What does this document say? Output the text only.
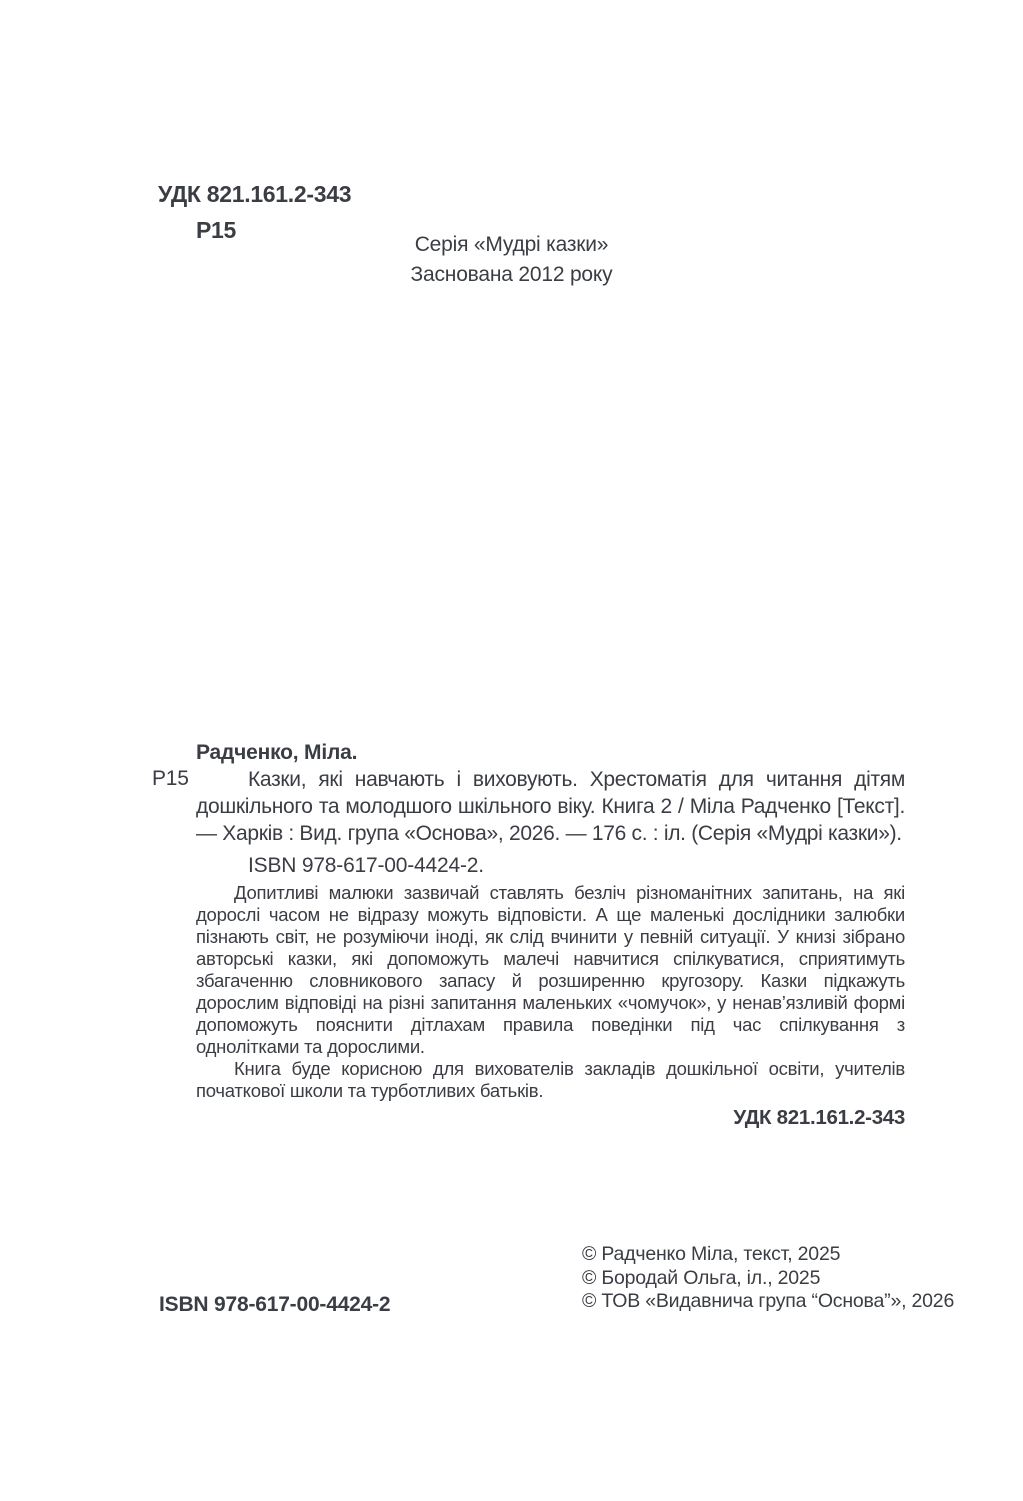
УДК 821.161.2-343
Р15
Серія «Мудрі казки»
Заснована 2012 року
Р15
Радченко, Міла.

Казки, які навчають і виховують. Хрестоматія для читання дітям дошкільного та молодшого шкільного віку. Книга 2 / Міла Радченко [Текст]. — Харків : Вид. група «Основа», 2026. — 176 с. : іл. (Серія «Мудрі казки»).

ISBN 978-617-00-4424-2.

Допитливі малюки зазвичай ставлять безліч різноманітних запитань, на які дорослі часом не відразу можуть відповісти. А ще маленькі дослідники залюбки пізнають світ, не розуміючи іноді, як слід вчинити у певній ситуації. У книзі зібрано авторські казки, які допоможуть малечі навчитися спілкуватися, сприятимуть збагаченню словникового запасу й розширенню кругозору. Казки підкажуть дорослим відповіді на різні запитання маленьких «чомучок», у ненав’язливій формі допоможуть пояснити дітлахам правила поведінки під час спілкування з однолітками та дорослими.

Книга буде корисною для вихователів закладів дошкільної освіти, учителів початкової школи та турботливих батьків.

УДК 821.161.2-343
ISBN 978-617-00-4424-2
© Радченко Міла, текст, 2025
© Бородай Ольга, іл., 2025
© ТОВ «Видавнича група “Основа”», 2026
